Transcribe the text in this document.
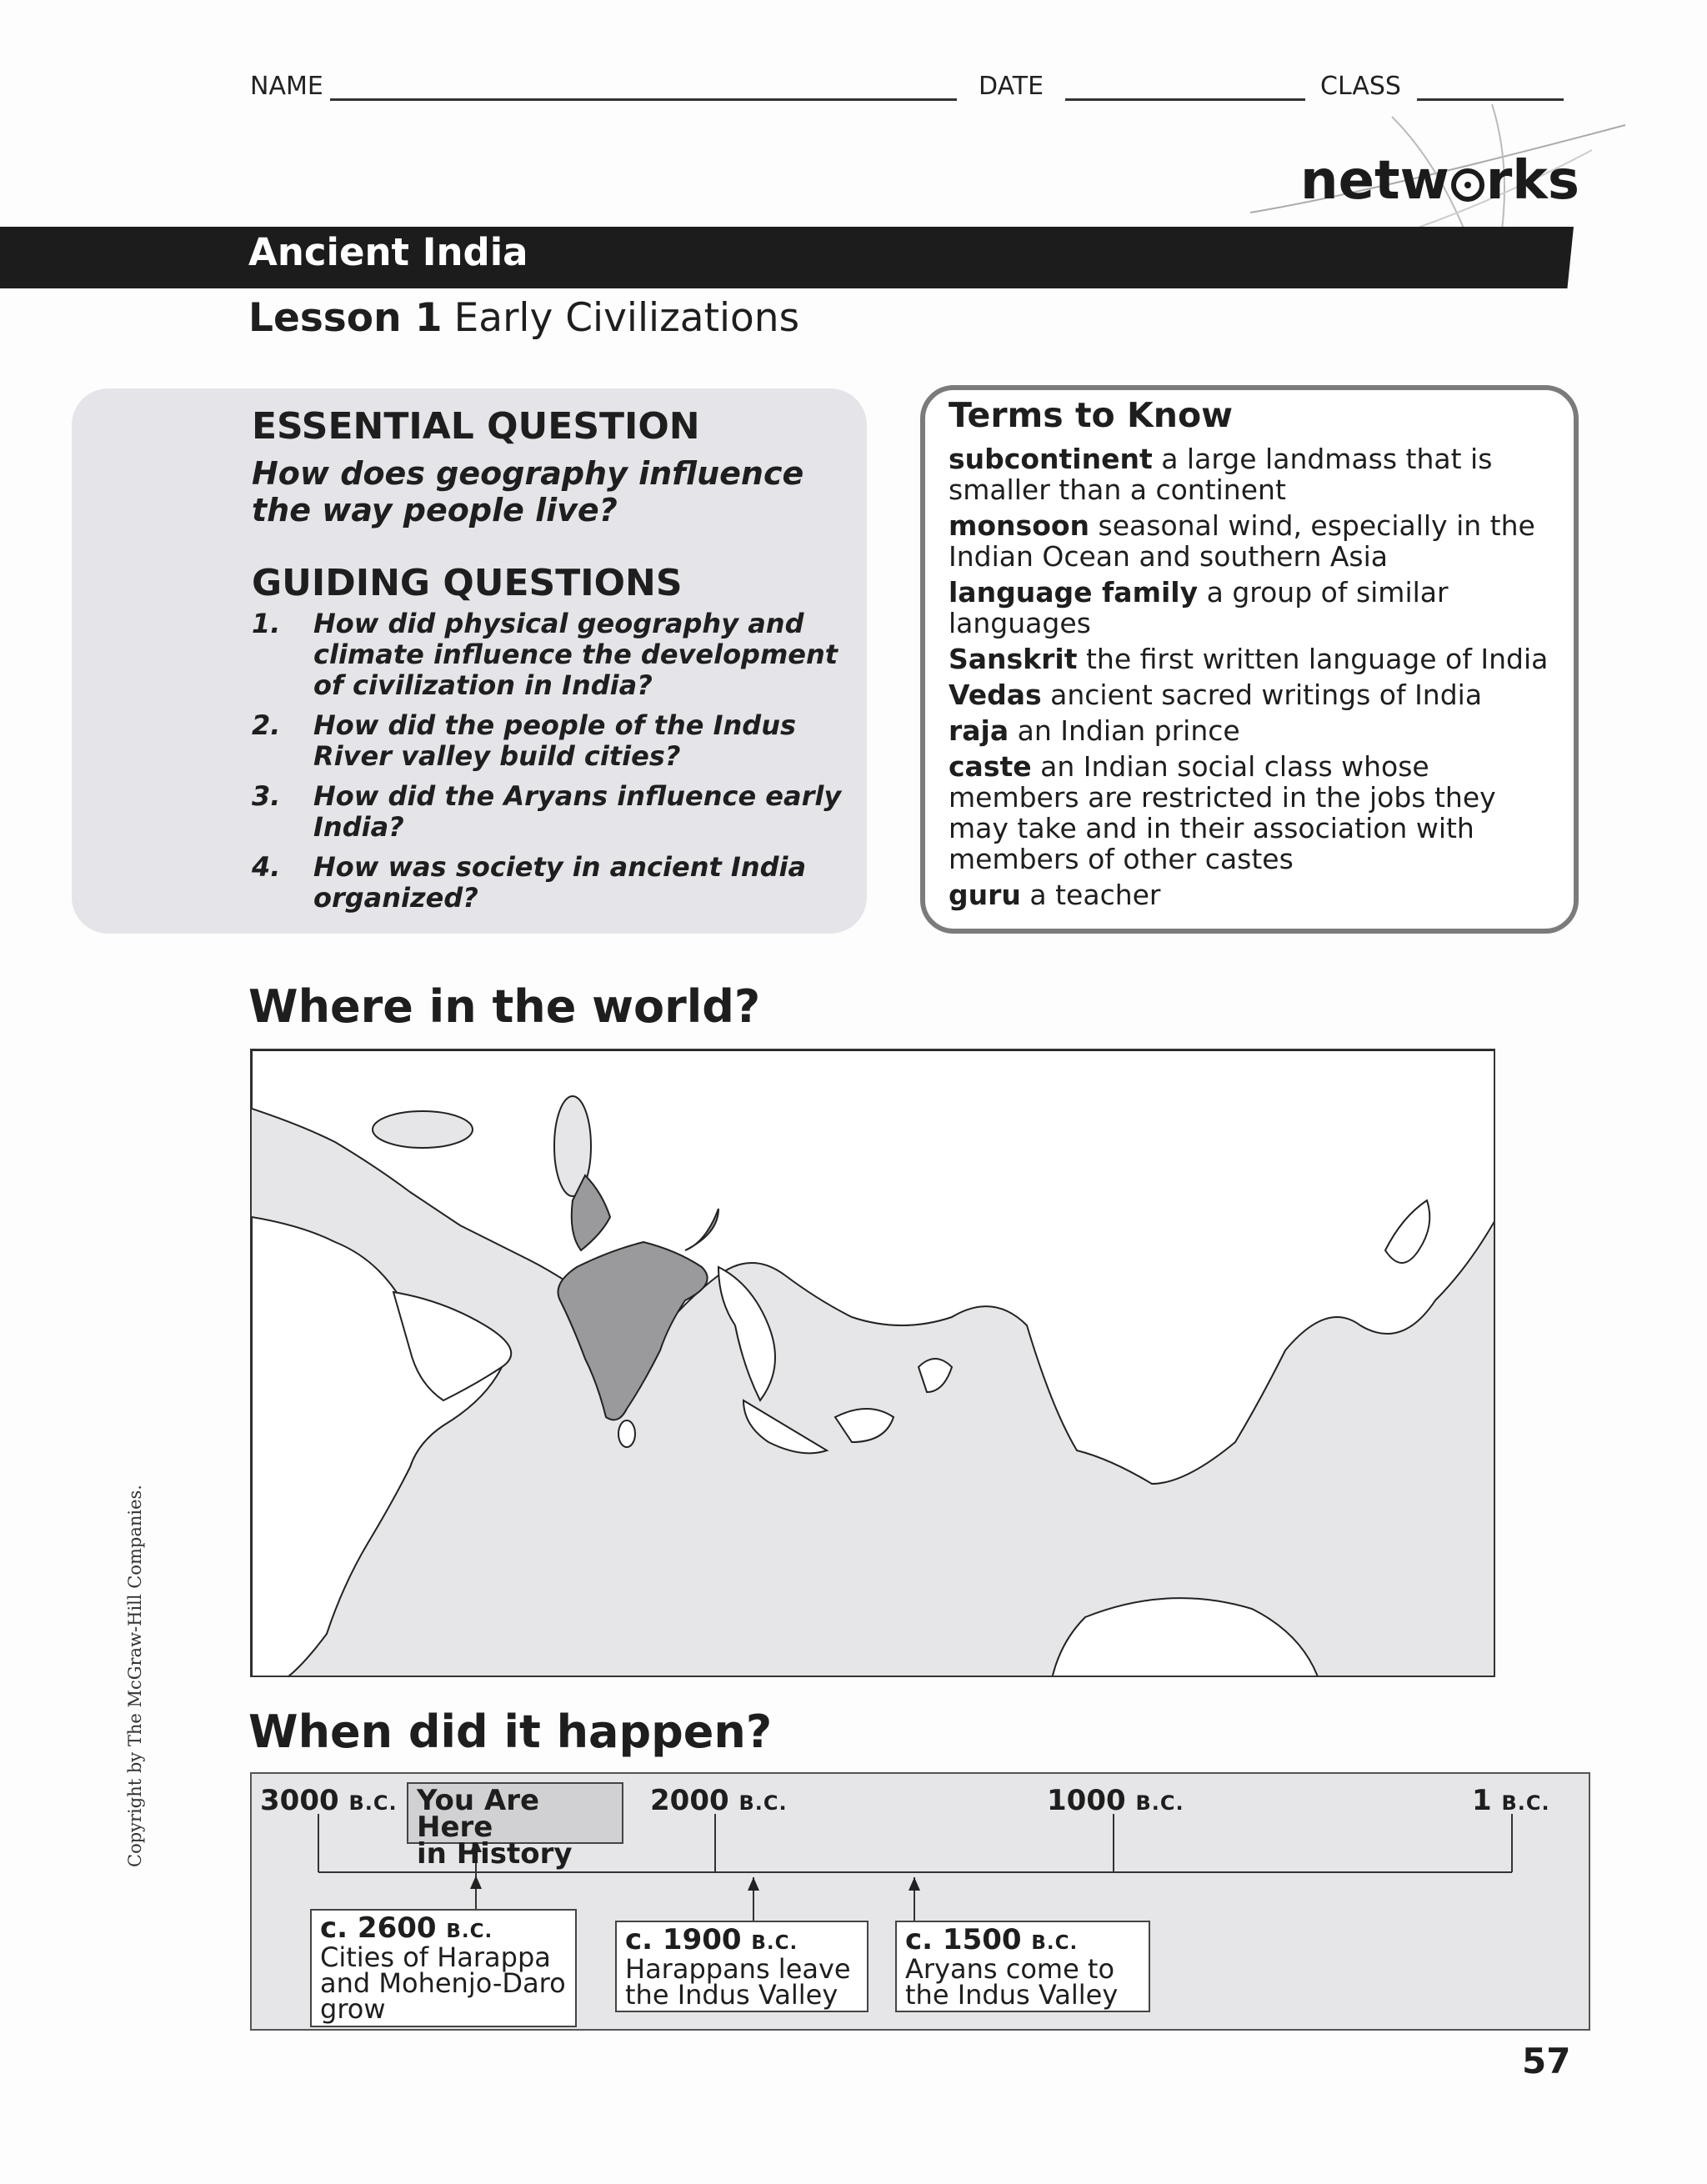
NAME	DATE	CLASS
netw rks
Ancient India
Lesson 1 Early Civilizations
ESSENTIAL QUESTION
How does geography influence the way people live?
GUIDING QUESTIONS
1.	How did physical geography and climate influence the development of civilization in India?
2.	How did the people of the Indus River valley build cities?
3.	How did the Aryans influence early India?
4.	How was society in ancient India organized?
Terms to Know
subcontinent a large landmass that is smaller than a continent
monsoon seasonal wind, especially in the Indian Ocean and southern Asia
language family a group of similar languages
Sanskrit the first written language of India
Vedas ancient sacred writings of India
raja an Indian prince
caste an Indian social class whose members are restricted in the jobs they may take and in their association with members of other castes
guru a teacher
Where in the world?
When did it happen?
3000 B.C.	2000 B.C.	1000 B.C.	1 B.C.
You Are Here
in History
c. 2600 B.C.
Cities of Harappa
and Mohenjo-Daro
grow
c. 1900 B.C.
Harappans leave
the Indus Valley
c. 1500 B.C.
Aryans come to
the Indus Valley
Copyright by The McGraw-Hill Companies.
57
